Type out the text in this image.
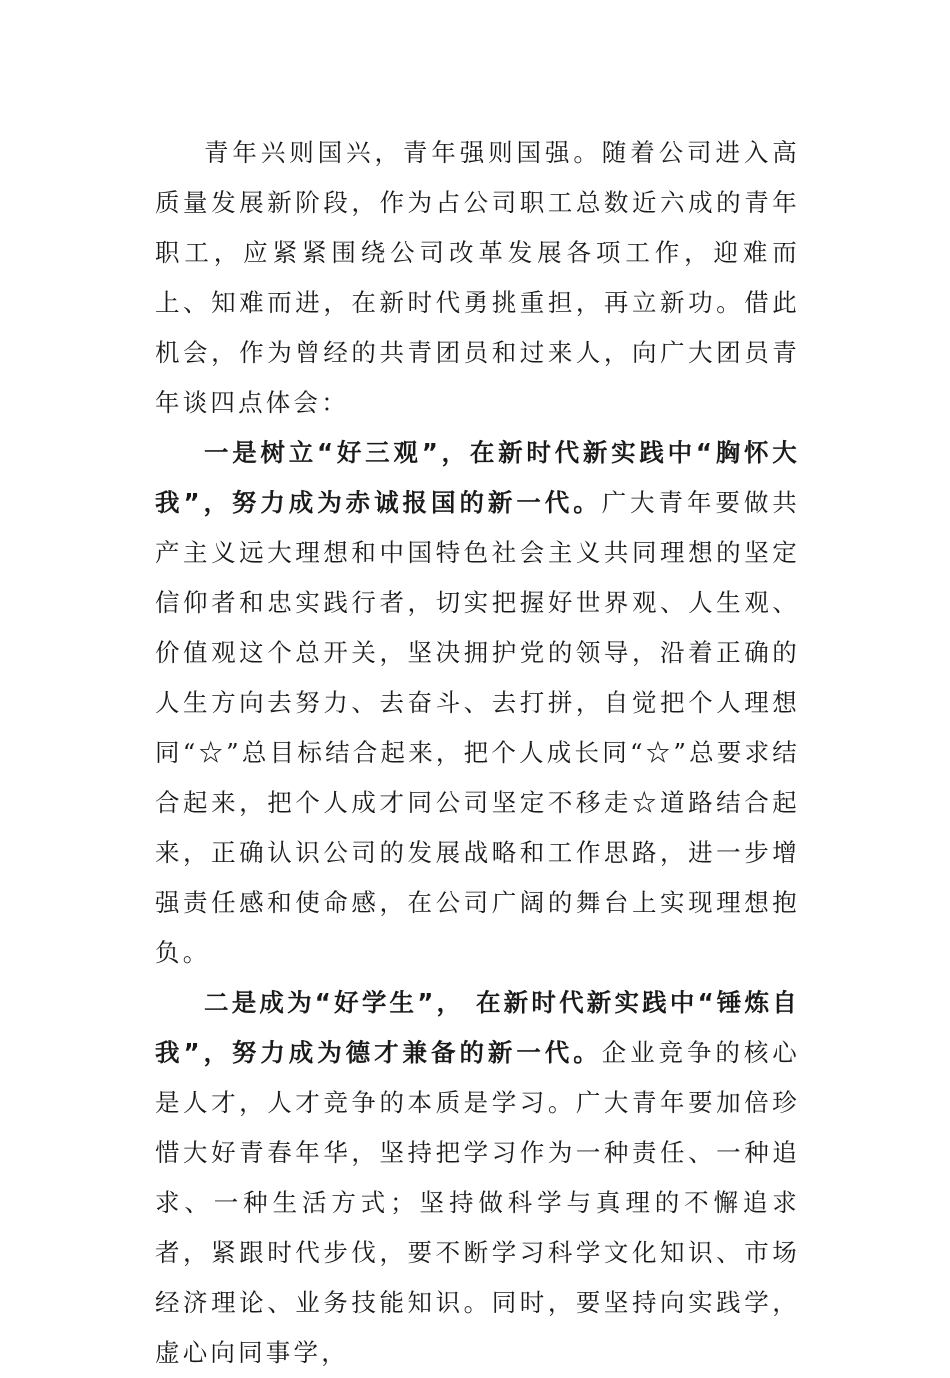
青年兴则国兴，青年强则国强。随着公司进入高质量发展新阶段，作为占公司职工总数近六成的青年职工，应紧紧围绕公司改革发展各项工作，迎难而上、知难而进，在新时代勇挑重担，再立新功。借此机会，作为曾经的共青团员和过来人，向广大团员青年谈四点体会：

一是树立“好三观”，在新时代新实践中“胸怀大我”，努力成为赤诚报国的新一代。广大青年要做共产主义远大理想和中国特色社会主义共同理想的坚定信仰者和忠实践行者，切实把握好世界观、人生观、价值观这个总开关，坚决拥护党的领导，沿着正确的人生方向去努力、去奋斗、去打拼，自觉把个人理想同“☆”总目标结合起来，把个人成长同“☆”总要求结合起来，把个人成才同公司坚定不移走☆道路结合起来，正确认识公司的发展战略和工作思路，进一步增强责任感和使命感，在公司广阔的舞台上实现理想抱负。

二是成为“好学生”， 在新时代新实践中“锤炼自我”，努力成为德才兼备的新一代。企业竞争的核心是人才，人才竞争的本质是学习。广大青年要加倍珍惜大好青春年华，坚持把学习作为一种责任、一种追求、一种生活方式；坚持做科学与真理的不懈追求者，紧跟时代步伐，要不断学习科学文化知识、市场经济理论、业务技能知识。同时，要坚持向实践学，虚心向同事学，
